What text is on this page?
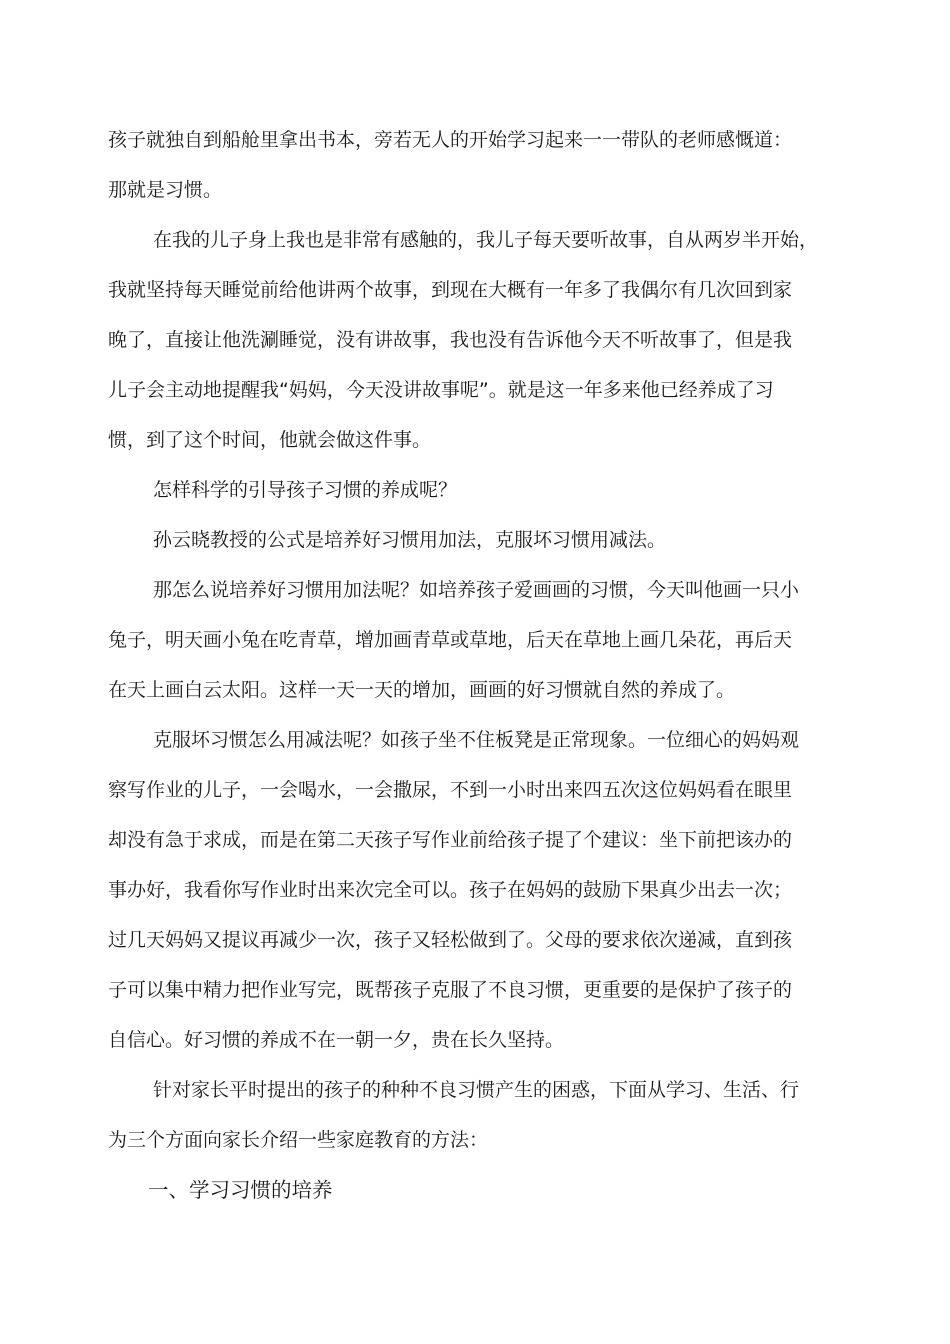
孩子就独自到船舱里拿出书本，旁若无人的开始学习起来一一带队的老师感慨道：
那就是习惯。
在我的儿子身上我也是非常有感触的，我儿子每天要听故事，自从两岁半开始，
我就坚持每天睡觉前给他讲两个故事，到现在大概有一年多了我偶尔有几次回到家
晚了，直接让他洗涮睡觉，没有讲故事，我也没有告诉他今天不听故事了，但是我
儿子会主动地提醒我“妈妈，今天没讲故事呢”。就是这一年多来他已经养成了习
惯，到了这个时间，他就会做这件事。
怎样科学的引导孩子习惯的养成呢？
孙云晓教授的公式是培养好习惯用加法，克服坏习惯用减法。
那怎么说培养好习惯用加法呢？如培养孩子爱画画的习惯，今天叫他画一只小
兔子，明天画小兔在吃青草，增加画青草或草地，后天在草地上画几朵花，再后天
在天上画白云太阳。这样一天一天的增加，画画的好习惯就自然的养成了。
克服坏习惯怎么用减法呢？如孩子坐不住板凳是正常现象。一位细心的妈妈观
察写作业的儿子，一会喝水，一会撒尿，不到一小时出来四五次这位妈妈看在眼里
却没有急于求成，而是在第二天孩子写作业前给孩子提了个建议：坐下前把该办的
事办好，我看你写作业时出来次完全可以。孩子在妈妈的鼓励下果真少出去一次；
过几天妈妈又提议再减少一次，孩子又轻松做到了。父母的要求依次递减，直到孩
子可以集中精力把作业写完，既帮孩子克服了不良习惯，更重要的是保护了孩子的
自信心。好习惯的养成不在一朝一夕，贵在长久坚持。
针对家长平时提出的孩子的种种不良习惯产生的困惑，下面从学习、生活、行
为三个方面向家长介绍一些家庭教育的方法：
一、学习习惯的培养
